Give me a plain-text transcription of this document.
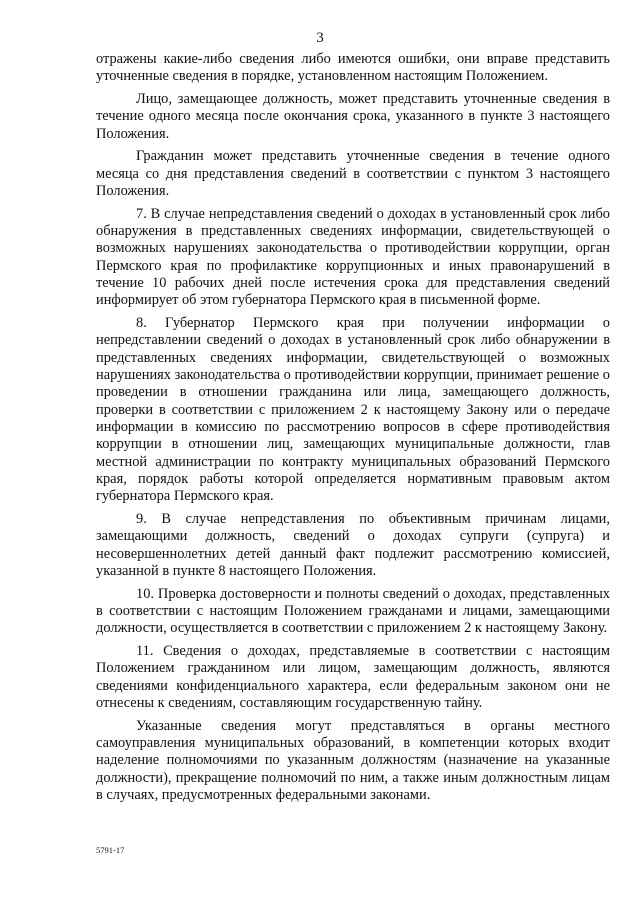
3

отражены какие-либо сведения либо имеются ошибки, они вправе представить уточненные сведения в порядке, установленном настоящим Положением.

Лицо, замещающее должность, может представить уточненные сведения в течение одного месяца после окончания срока, указанного в пункте 3 настоящего Положения.

Гражданин может представить уточненные сведения в течение одного месяца со дня представления сведений в соответствии с пунктом 3 настоящего Положения.

7. В случае непредставления сведений о доходах в установленный срок либо обнаружения в представленных сведениях информации, свидетельствующей о возможных нарушениях законодательства о противодействии коррупции, орган Пермского края по профилактике коррупционных и иных правонарушений в течение 10 рабочих дней после истечения срока для представления сведений информирует об этом губернатора Пермского края в письменной форме.

8. Губернатор Пермского края при получении информации о непредставлении сведений о доходах в установленный срок либо обнаружении в представленных сведениях информации, свидетельствующей о возможных нарушениях законодательства о противодействии коррупции, принимает решение о проведении в отношении гражданина или лица, замещающего должность, проверки в соответствии с приложением 2 к настоящему Закону или о передаче информации в комиссию по рассмотрению вопросов в сфере противодействия коррупции в отношении лиц, замещающих муниципальные должности, глав местной администрации по контракту муниципальных образований Пермского края, порядок работы которой определяется нормативным правовым актом губернатора Пермского края.

9. В случае непредставления по объективным причинам лицами, замещающими должность, сведений о доходах супруги (супруга) и несовершеннолетних детей данный факт подлежит рассмотрению комиссией, указанной в пункте 8 настоящего Положения.

10. Проверка достоверности и полноты сведений о доходах, представленных в соответствии с настоящим Положением гражданами и лицами, замещающими должности, осуществляется в соответствии с приложением 2 к настоящему Закону.

11. Сведения о доходах, представляемые в соответствии с настоящим Положением гражданином или лицом, замещающим должность, являются сведениями конфиденциального характера, если федеральным законом они не отнесены к сведениям, составляющим государственную тайну.

Указанные сведения могут представляться в органы местного самоуправления муниципальных образований, в компетенции которых входит наделение полномочиями по указанным должностям (назначение на указанные должности), прекращение полномочий по ним, а также иным должностным лицам в случаях, предусмотренных федеральными законами.

5791-17
